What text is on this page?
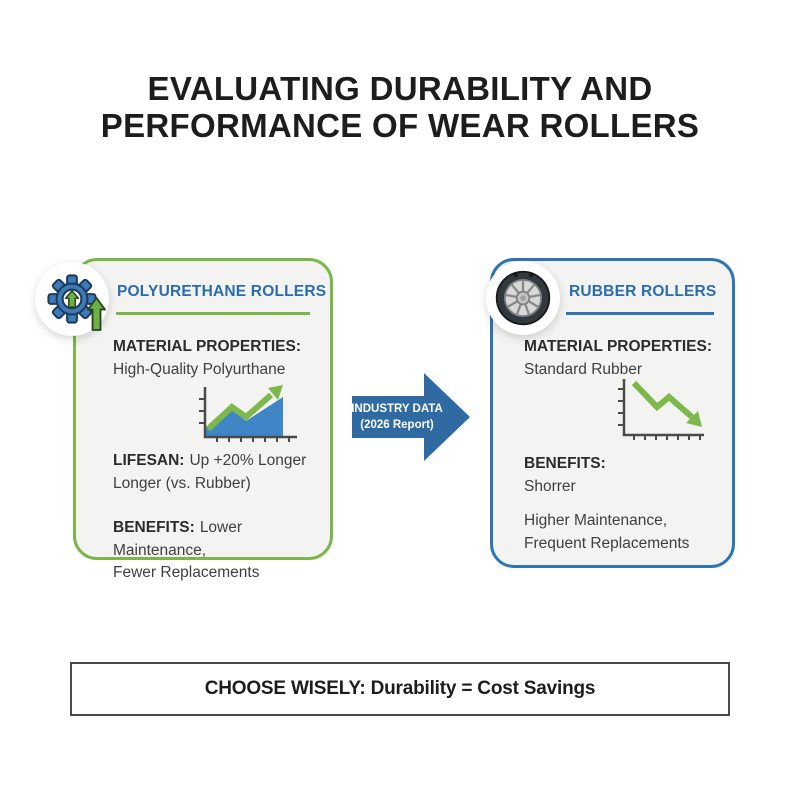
EVALUATING DURABILITY AND
PERFORMANCE OF WEAR ROLLERS
POLYURETHANE ROLLERS
MATERIAL PROPERTIES:
High-Quality Polyurthane
LIFESAN: Up +20% Longer
Longer (vs. Rubber)
BENEFITS: Lower Maintenance,
Fewer Replacements
INDUSTRY DATA
(2026 Report)
RUBBER ROLLERS
MATERIAL PROPERTIES:
Standard Rubber
BENEFITS:
Shorrer
Higher Maintenance,
Frequent Replacements
CHOOSE WISELY: Durability = Cost Savings
